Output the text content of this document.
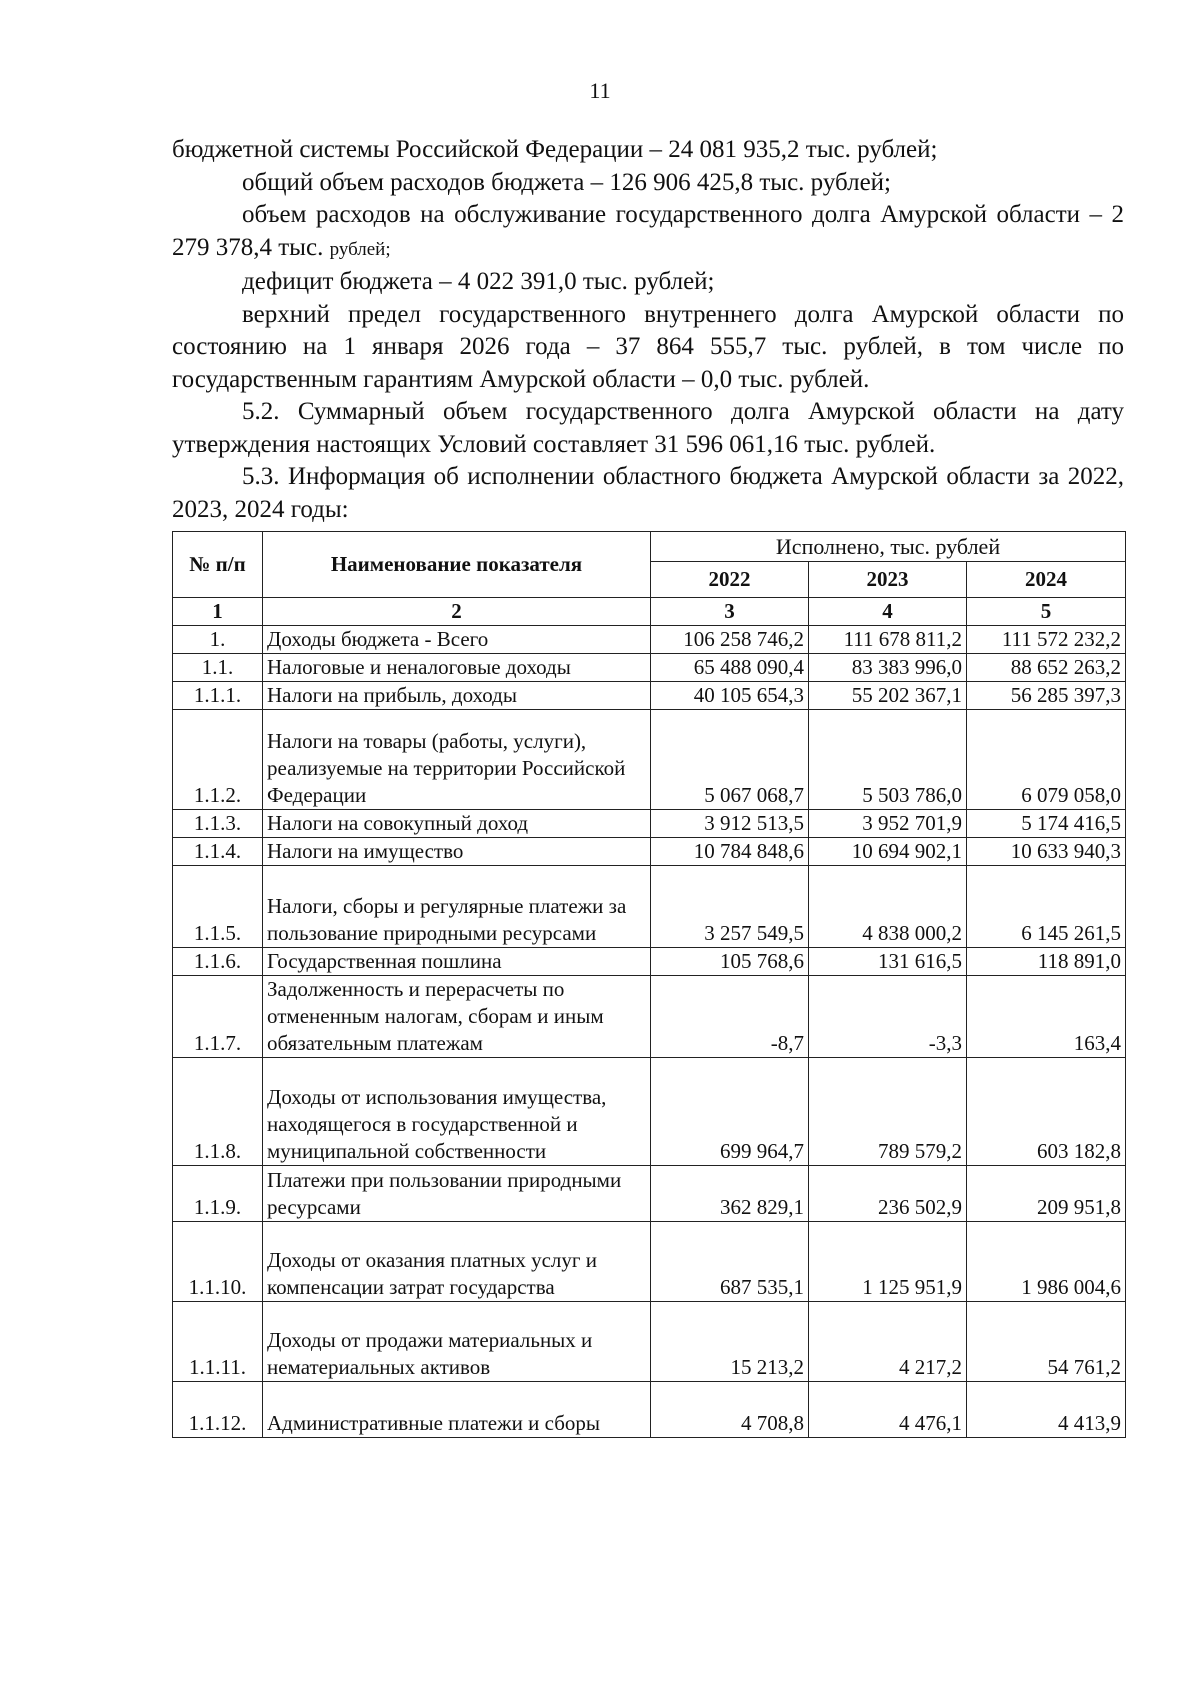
11

бюджетной системы Российской Федерации – 24 081 935,2 тыс. рублей;

общий объем расходов бюджета – 126 906 425,8 тыс. рублей;

объем расходов на обслуживание государственного долга Амурской области – 2 279 378,4 тыс. рублей;

дефицит бюджета – 4 022 391,0 тыс. рублей;

верхний предел государственного внутреннего долга Амурской области по состоянию на 1 января 2026 года – 37 864 555,7 тыс. рублей, в том числе по государственным гарантиям Амурской области – 0,0 тыс. рублей.

5.2. Суммарный объем государственного долга Амурской области на дату утверждения настоящих Условий составляет 31 596 061,16 тыс. рублей.

5.3. Информация об исполнении областного бюджета Амурской области за 2022, 2023, 2024 годы:

№ п/п	Наименование показателя	Исполнено, тыс. рублей		
		2022	2023	2024
1	2	3	4	5
1.	Доходы бюджета - Всего	106 258 746,2	111 678 811,2	111 572 232,2
1.1.	Налоговые и неналоговые доходы	65 488 090,4	83 383 996,0	88 652 263,2
1.1.1.	Налоги на прибыль, доходы	40 105 654,3	55 202 367,1	56 285 397,3
1.1.2.	Налоги на товары (работы, услуги), реализуемые на территории Российской Федерации	5 067 068,7	5 503 786,0	6 079 058,0
1.1.3.	Налоги на совокупный доход	3 912 513,5	3 952 701,9	5 174 416,5
1.1.4.	Налоги на имущество	10 784 848,6	10 694 902,1	10 633 940,3
1.1.5.	Налоги, сборы и регулярные платежи за пользование природными ресурсами	3 257 549,5	4 838 000,2	6 145 261,5
1.1.6.	Государственная пошлина	105 768,6	131 616,5	118 891,0
1.1.7.	Задолженность и перерасчеты по отмененным налогам, сборам и иным обязательным платежам	-8,7	-3,3	163,4
1.1.8.	Доходы от использования имущества, находящегося в государственной и муниципальной собственности	699 964,7	789 579,2	603 182,8
1.1.9.	Платежи при пользовании природными ресурсами	362 829,1	236 502,9	209 951,8
1.1.10.	Доходы от оказания платных услуг и компенсации затрат государства	687 535,1	1 125 951,9	1 986 004,6
1.1.11.	Доходы от продажи материальных и нематериальных активов	15 213,2	4 217,2	54 761,2
1.1.12.	Административные платежи и сборы	4 708,8	4 476,1	4 413,9
